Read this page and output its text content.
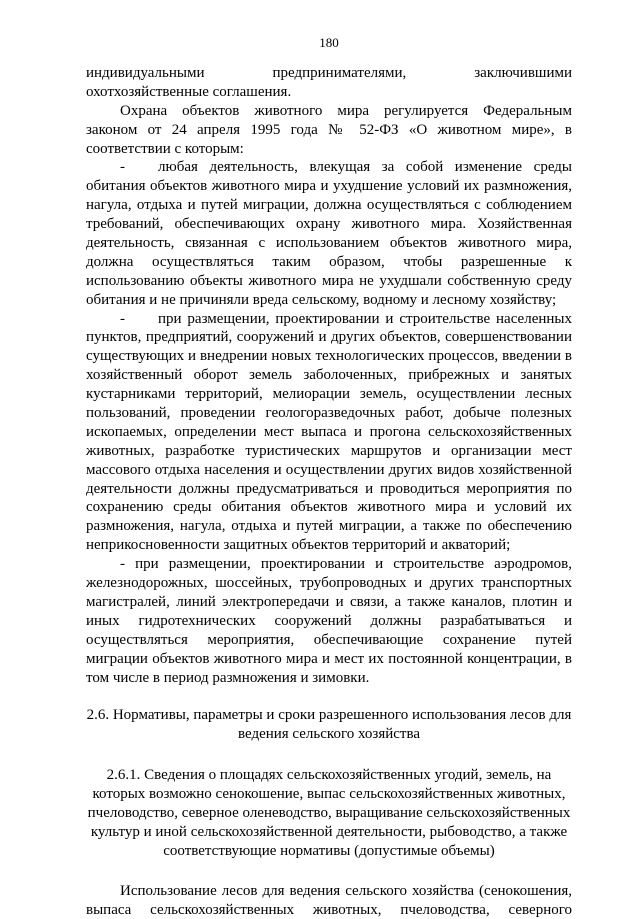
180
индивидуальными предпринимателями, заключившими
охотхозяйственные соглашения.
Охрана объектов животного мира регулируется Федеральным
законом от 24 апреля 1995 года № 52-ФЗ «О животном мире», в
соответствии с которым:
- любая деятельность, влекущая за собой изменение среды
обитания объектов животного мира и ухудшение условий их размножения,
нагула, отдыха и путей миграции, должна осуществляться с соблюдением
требований, обеспечивающих охрану животного мира. Хозяйственная
деятельность, связанная с использованием объектов животного мира,
должна осуществляться таким образом, чтобы разрешенные к
использованию объекты животного мира не ухудшали собственную среду
обитания и не причиняли вреда сельскому, водному и лесному хозяйству;
- при размещении, проектировании и строительстве населенных
пунктов, предприятий, сооружений и других объектов, совершенствовании
существующих и внедрении новых технологических процессов, введении в
хозяйственный оборот земель заболоченных, прибрежных и занятых
кустарниками территорий, мелиорации земель, осуществлении лесных
пользований, проведении геологоразведочных работ, добыче полезных
ископаемых, определении мест выпаса и прогона сельскохозяйственных
животных, разработке туристических маршрутов и организации мест
массового отдыха населения и осуществлении других видов хозяйственной
деятельности должны предусматриваться и проводиться мероприятия по
сохранению среды обитания объектов животного мира и условий их
размножения, нагула, отдыха и путей миграции, а также по обеспечению
неприкосновенности защитных объектов территорий и акваторий;
- при размещении, проектировании и строительстве аэродромов,
железнодорожных, шоссейных, трубопроводных и других транспортных
магистралей, линий электропередачи и связи, а также каналов, плотин и
иных гидротехнических сооружений должны разрабатываться и
осуществляться мероприятия, обеспечивающие сохранение путей
миграции объектов животного мира и мест их постоянной концентрации, в
том числе в период размножения и зимовки.
2.6. Нормативы, параметры и сроки разрешенного использования лесов для
ведения сельского хозяйства
2.6.1. Сведения о площадях сельскохозяйственных угодий, земель, на
которых возможно сенокошение, выпас сельскохозяйственных животных,
пчеловодство, северное оленеводство, выращивание сельскохозяйственных
культур и иной сельскохозяйственной деятельности, рыбоводство, а также
соответствующие нормативы (допустимые объемы)
Использование лесов для ведения сельского хозяйства (сенокошения,
выпаса сельскохозяйственных животных, пчеловодства, северного
